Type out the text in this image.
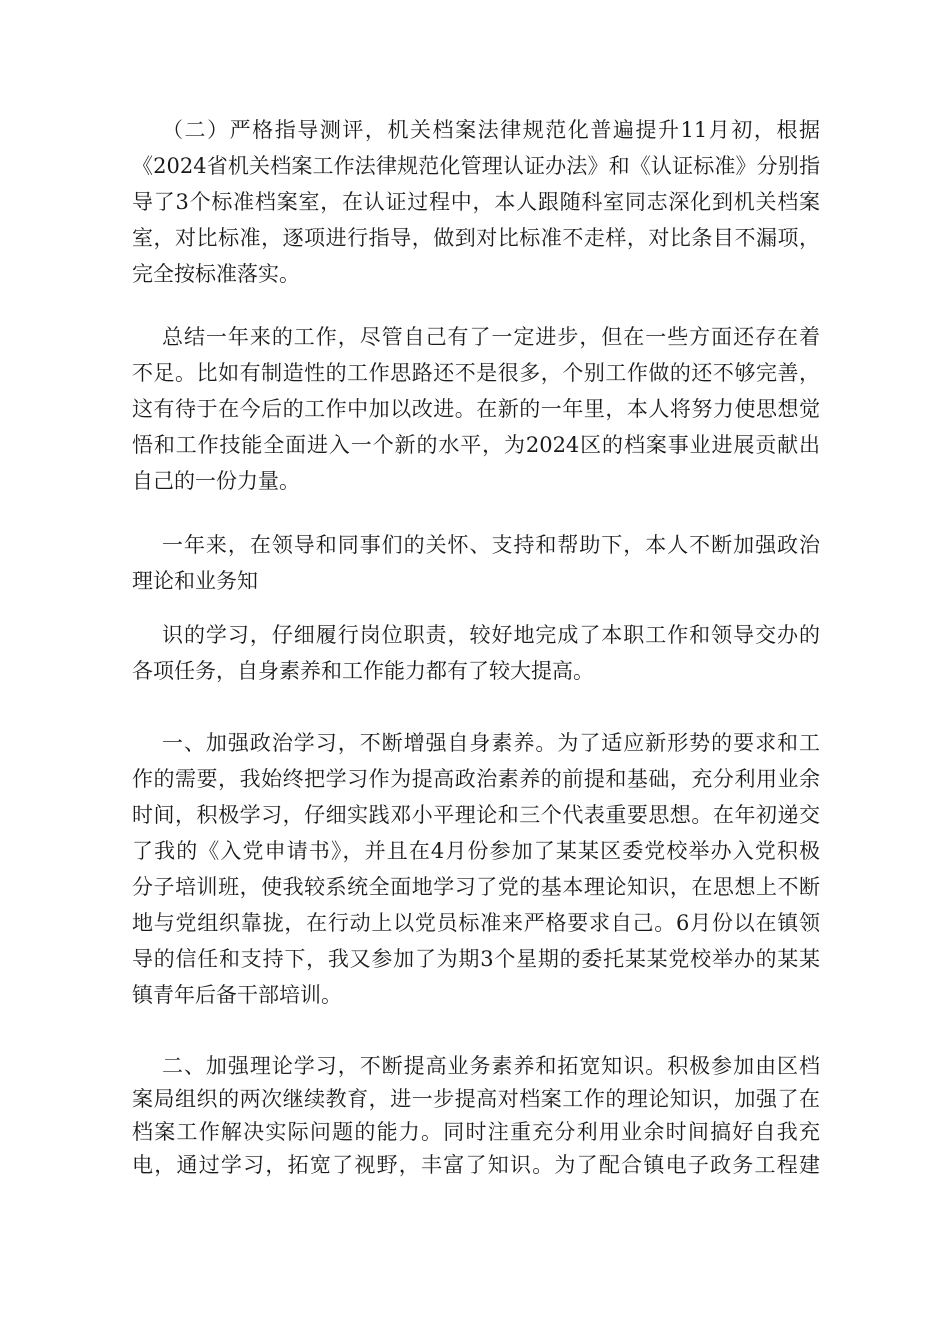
（二）严格指导测评，机关档案法律规范化普遍提升11月初，根据
《2024省机关档案工作法律规范化管理认证办法》和《认证标准》分别指
导了3个标准档案室，在认证过程中，本人跟随科室同志深化到机关档案
室，对比标准，逐项进行指导，做到对比标准不走样，对比条目不漏项，
完全按标准落实。
总结一年来的工作，尽管自己有了一定进步，但在一些方面还存在着
不足。比如有制造性的工作思路还不是很多，个别工作做的还不够完善，
这有待于在今后的工作中加以改进。在新的一年里，本人将努力使思想觉
悟和工作技能全面进入一个新的水平，为2024区的档案事业进展贡献出
自己的一份力量。
一年来，在领导和同事们的关怀、支持和帮助下，本人不断加强政治
理论和业务知
识的学习，仔细履行岗位职责，较好地完成了本职工作和领导交办的
各项任务，自身素养和工作能力都有了较大提高。
一、加强政治学习，不断增强自身素养。为了适应新形势的要求和工
作的需要，我始终把学习作为提高政治素养的前提和基础，充分利用业余
时间，积极学习，仔细实践邓小平理论和三个代表重要思想。在年初递交
了我的《入党申请书》，并且在4月份参加了某某区委党校举办入党积极
分子培训班，使我较系统全面地学习了党的基本理论知识，在思想上不断
地与党组织靠拢，在行动上以党员标准来严格要求自己。6月份以在镇领
导的信任和支持下，我又参加了为期3个星期的委托某某党校举办的某某
镇青年后备干部培训。
二、加强理论学习，不断提高业务素养和拓宽知识。积极参加由区档
案局组织的两次继续教育，进一步提高对档案工作的理论知识，加强了在
档案工作解决实际问题的能力。同时注重充分利用业余时间搞好自我充
电，通过学习，拓宽了视野，丰富了知识。为了配合镇电子政务工程建
